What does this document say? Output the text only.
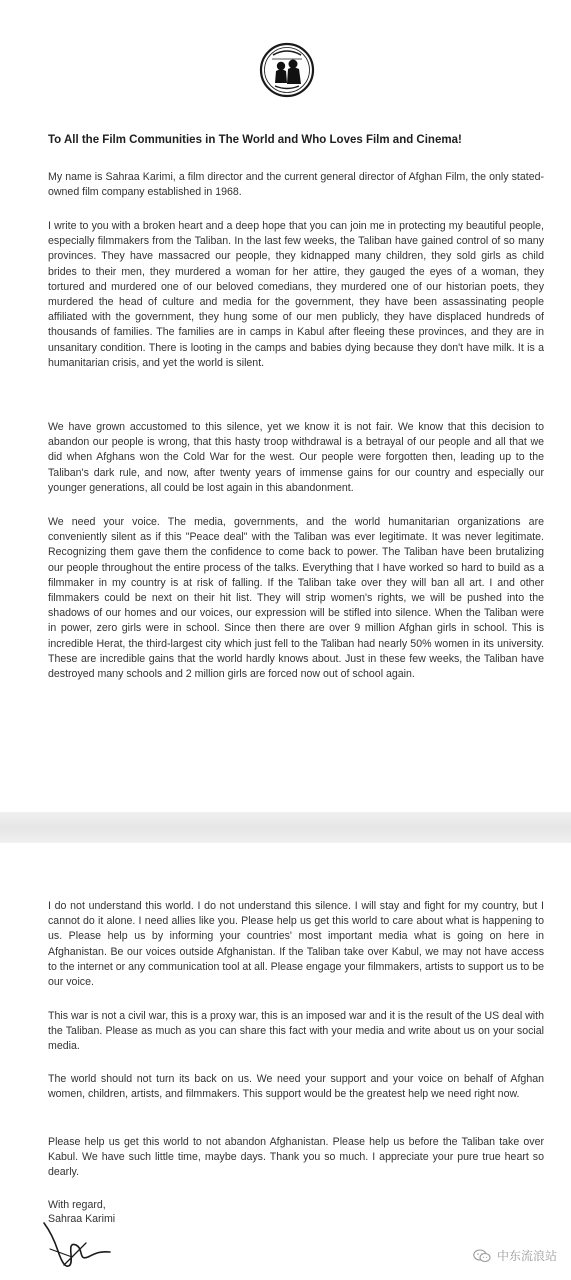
To All the Film Communities in The World and Who Loves Film and Cinema!

My name is Sahraa Karimi, a film director and the current general director of Afghan Film, the only stated-owned film company established in 1968.

I write to you with a broken heart and a deep hope that you can join me in protecting my beautiful people, especially filmmakers from the Taliban. In the last few weeks, the Taliban have gained control of so many provinces. They have massacred our people, they kidnapped many children, they sold girls as child brides to their men, they murdered a woman for her attire, they gauged the eyes of a woman, they tortured and murdered one of our beloved comedians, they murdered one of our historian poets, they murdered the head of culture and media for the government, they have been assassinating people affiliated with the government, they hung some of our men publicly, they have displaced hundreds of thousands of families. The families are in camps in Kabul after fleeing these provinces, and they are in unsanitary condition. There is looting in the camps and babies dying because they don't have milk. It is a humanitarian crisis, and yet the world is silent.

We have grown accustomed to this silence, yet we know it is not fair. We know that this decision to abandon our people is wrong, that this hasty troop withdrawal is a betrayal of our people and all that we did when Afghans won the Cold War for the west. Our people were forgotten then, leading up to the Taliban's dark rule, and now, after twenty years of immense gains for our country and especially our younger generations, all could be lost again in this abandonment.

We need your voice. The media, governments, and the world humanitarian organizations are conveniently silent as if this "Peace deal" with the Taliban was ever legitimate. It was never legitimate. Recognizing them gave them the confidence to come back to power. The Taliban have been brutalizing our people throughout the entire process of the talks. Everything that I have worked so hard to build as a filmmaker in my country is at risk of falling. If the Taliban take over they will ban all art. I and other filmmakers could be next on their hit list. They will strip women's rights, we will be pushed into the shadows of our homes and our voices, our expression will be stifled into silence. When the Taliban were in power, zero girls were in school. Since then there are over 9 million Afghan girls in school. This is incredible Herat, the third-largest city which just fell to the Taliban had nearly 50% women in its university. These are incredible gains that the world hardly knows about. Just in these few weeks, the Taliban have destroyed many schools and 2 million girls are forced now out of school again.

I do not understand this world. I do not understand this silence. I will stay and fight for my country, but I cannot do it alone. I need allies like you. Please help us get this world to care about what is happening to us. Please help us by informing your countries' most important media what is going on here in Afghanistan. Be our voices outside Afghanistan. If the Taliban take over Kabul, we may not have access to the internet or any communication tool at all. Please engage your filmmakers, artists to support us to be our voice.

This war is not a civil war, this is a proxy war, this is an imposed war and it is the result of the US deal with the Taliban. Please as much as you can share this fact with your media and write about us on your social media.

The world should not turn its back on us. We need your support and your voice on behalf of Afghan women, children, artists, and filmmakers. This support would be the greatest help we need right now.

Please help us get this world to not abandon Afghanistan. Please help us before the Taliban take over Kabul. We have such little time, maybe days. Thank you so much. I appreciate your pure true heart so dearly.

With regard,

Sahraa Karimi

中东流浪站
